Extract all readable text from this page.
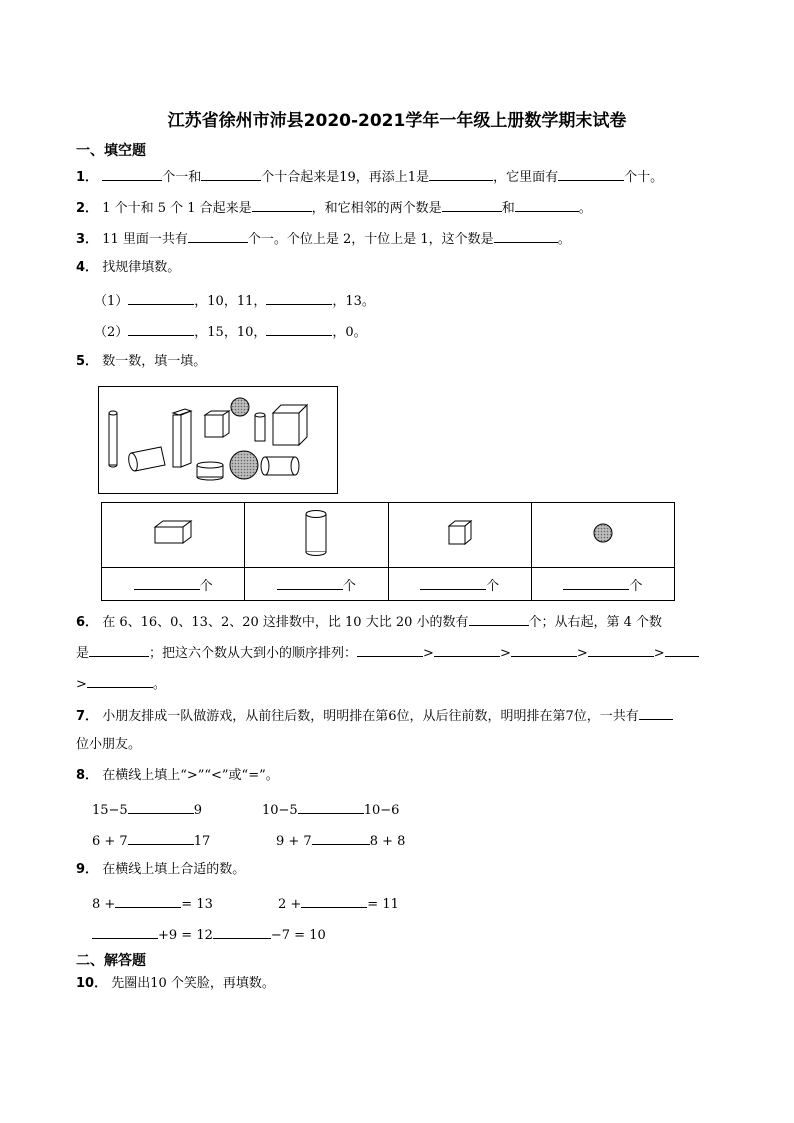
江苏省徐州市沛县2020-2021学年一年级上册数学期末试卷
一、填空题
1．	个一和	个十合起来是19，再添上1是	，它里面有	个十。
2． 1 个十和 5 个 1 合起来是	，和它相邻的两个数是	和	。
3． 11 里面一共有	个一。个位上是 2，十位上是 1，这个数是	。
4． 找规律填数。
（1）	，10，11，	，13。
（2）	，15，10，	，0。
5． 数一数，填一填。

个	个	个	个
6． 在 6、16、0、13、2、20 这排数中，比 10 大比 20 小的数有	个；从右起，第 4 个数
是	；把这六个数从大到小的顺序排列：	>	>	>	>
>	。
7． 小朋友排成一队做游戏，从前往后数，明明排在第6位，从后往前数，明明排在第7位，一共有
位小朋友。
8． 在横线上填上“>”“<”或“=”。
15−5	9	10−5	10−6
6 + 7	17	9 + 7	8 + 8
9． 在横线上填上合适的数。
8 +	= 13	2 +	= 11
+9 = 12	−7 = 10
二、解答题
10． 先圈出10 个笑脸，再填数。
